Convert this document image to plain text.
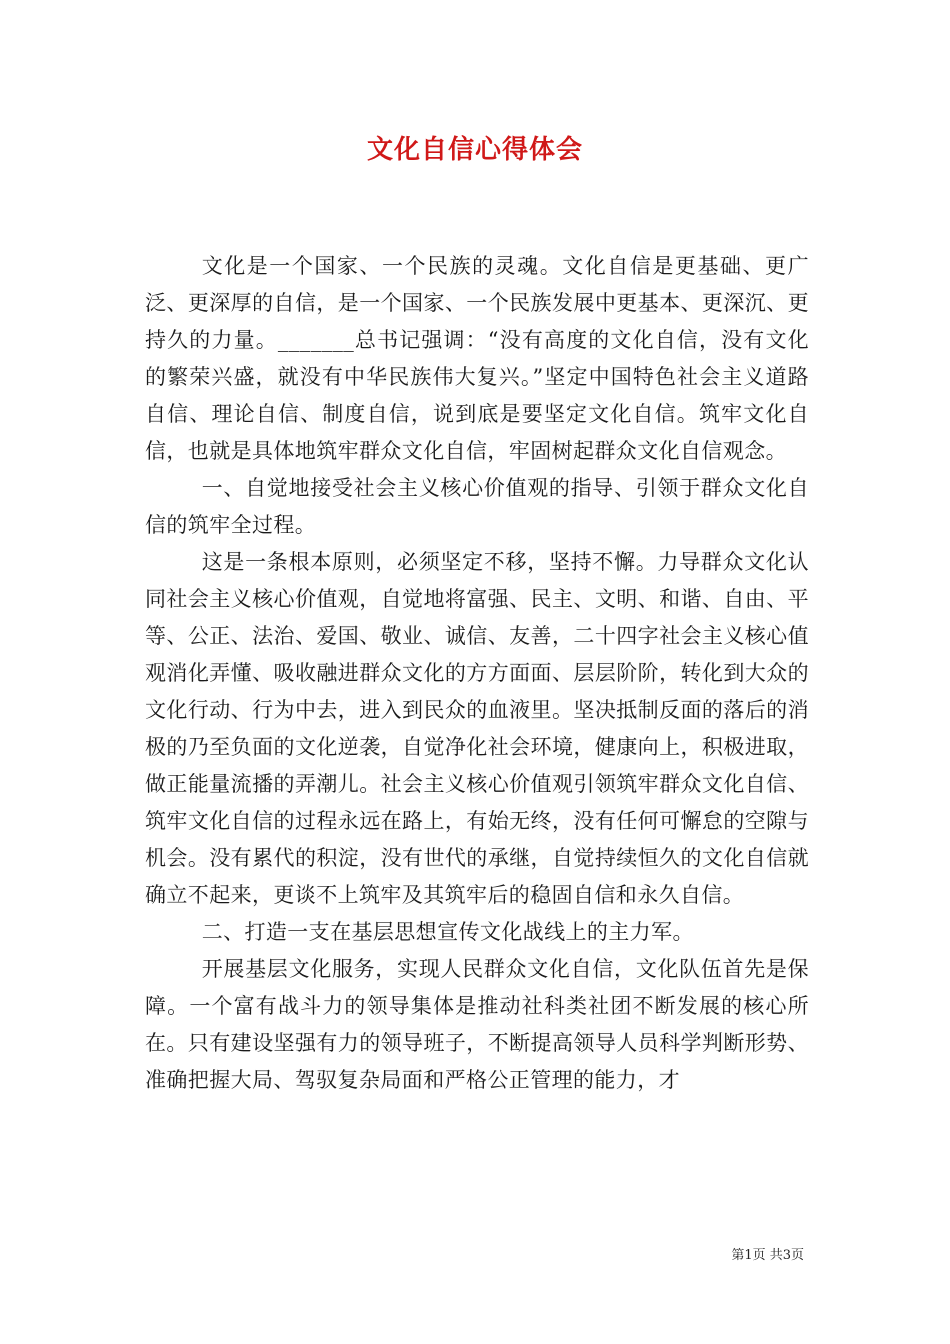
文化自信心得体会

文化是一个国家、一个民族的灵魂。文化自信是更基础、更广泛、更深厚的自信，是一个国家、一个民族发展中更基本、更深沉、更持久的力量。_______总书记强调：“没有高度的文化自信，没有文化的繁荣兴盛，就没有中华民族伟大复兴。”坚定中国特色社会主义道路自信、理论自信、制度自信，说到底是要坚定文化自信。筑牢文化自信，也就是具体地筑牢群众文化自信，牢固树起群众文化自信观念。

一、自觉地接受社会主义核心价值观的指导、引领于群众文化自信的筑牢全过程。

这是一条根本原则，必须坚定不移，坚持不懈。力导群众文化认同社会主义核心价值观，自觉地将富强、民主、文明、和谐、自由、平等、公正、法治、爱国、敬业、诚信、友善，二十四字社会主义核心值观消化弄懂、吸收融进群众文化的方方面面、层层阶阶，转化到大众的文化行动、行为中去，进入到民众的血液里。坚决抵制反面的落后的消极的乃至负面的文化逆袭，自觉净化社会环境，健康向上，积极进取，做正能量流播的弄潮儿。社会主义核心价值观引领筑牢群众文化自信、筑牢文化自信的过程永远在路上，有始无终，没有任何可懈怠的空隙与机会。没有累代的积淀，没有世代的承继，自觉持续恒久的文化自信就确立不起来，更谈不上筑牢及其筑牢后的稳固自信和永久自信。

二、打造一支在基层思想宣传文化战线上的主力军。

开展基层文化服务，实现人民群众文化自信，文化队伍首先是保障。一个富有战斗力的领导集体是推动社科类社团不断发展的核心所在。只有建设坚强有力的领导班子，不断提高领导人员科学判断形势、准确把握大局、驾驭复杂局面和严格公正管理的能力，才

第1页 共3页
